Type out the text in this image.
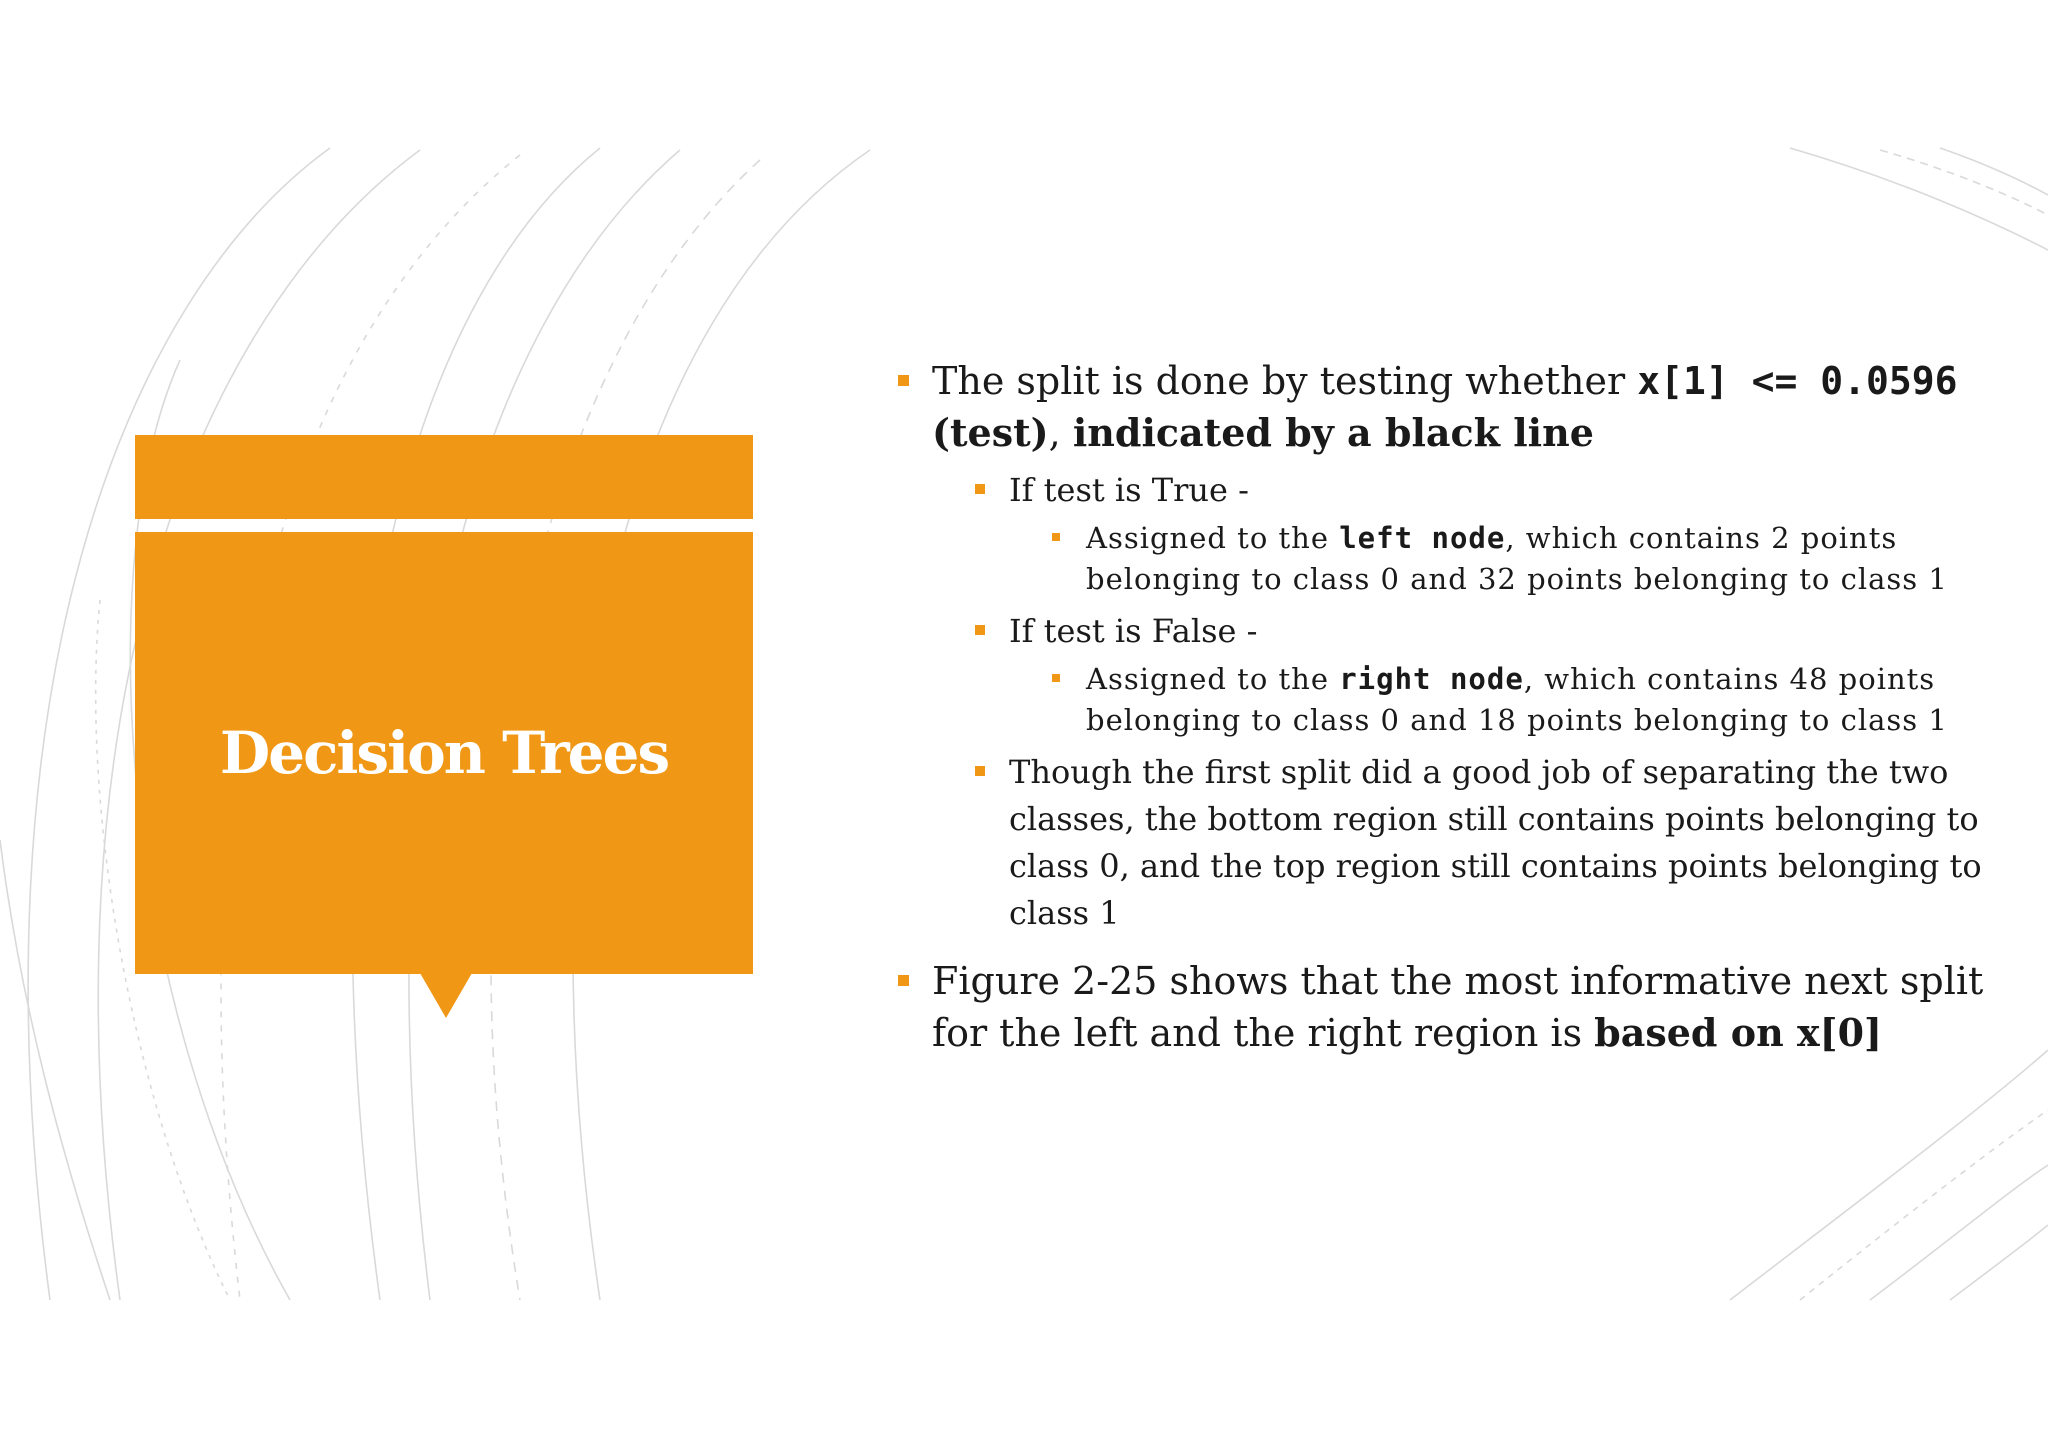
Decision Trees

The split is done by testing whether x[1] <= 0.0596 (test), indicated by a black line

If test is True -
Assigned to the left node, which contains 2 points belonging to class 0 and 32 points belonging to class 1
If test is False -
Assigned to the right node, which contains 48 points belonging to class 0 and 18 points belonging to class 1
Though the first split did a good job of separating the two classes, the bottom region still contains points belonging to class 0, and the top region still contains points belonging to class 1

Figure 2-25 shows that the most informative next split for the left and the right region is based on x[0]
